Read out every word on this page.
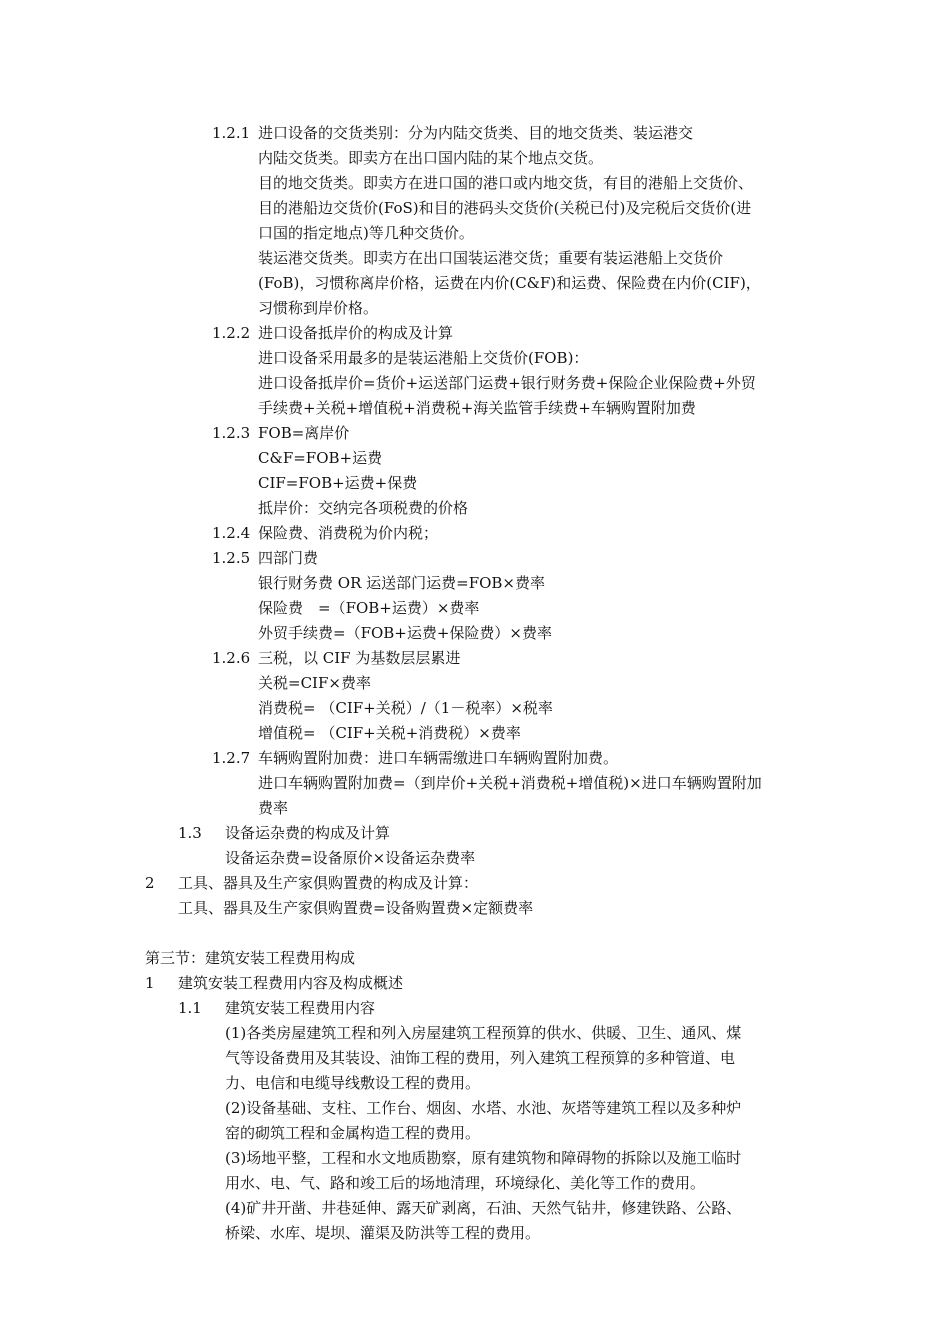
1.2.1 进口设备的交货类别：分为内陆交货类、目的地交货类、装运港交
内陆交货类。即卖方在出口国内陆的某个地点交货。
目的地交货类。即卖方在进口国的港口或内地交货，有目的港船上交货价、
目的港船边交货价(FoS)和目的港码头交货价(关税已付)及完税后交货价(进
口国的指定地点)等几种交货价。
装运港交货类。即卖方在出口国装运港交货；重要有装运港船上交货价
(FoB)，习惯称离岸价格，运费在内价(C&F)和运费、保险费在内价(CIF)，
习惯称到岸价格。
1.2.2 进口设备抵岸价的构成及计算
进口设备采用最多的是装运港船上交货价(FOB)：
进口设备抵岸价=货价+运送部门运费+银行财务费+保险企业保险费+外贸
手续费+关税+增值税+消费税+海关监管手续费+车辆购置附加费
1.2.3 FOB=离岸价
C&F=FOB+运费
CIF=FOB+运费+保费
抵岸价：交纳完各项税费的价格
1.2.4 保险费、消费税为价内税；
1.2.5 四部门费
银行财务费 OR 运送部门运费=FOB×费率
保险费　=（FOB+运费）×费率
外贸手续费=（FOB+运费+保险费）×费率
1.2.6 三税，以 CIF 为基数层层累进
关税=CIF×费率
消费税= （CIF+关税）/（1－税率）×税率
增值税= （CIF+关税+消费税）×费率
1.2.7 车辆购置附加费：进口车辆需缴进口车辆购置附加费。
进口车辆购置附加费=（到岸价+关税+消费税+增值税)×进口车辆购置附加
费率
1.3 设备运杂费的构成及计算
设备运杂费=设备原价×设备运杂费率
2 工具、器具及生产家俱购置费的构成及计算：
工具、器具及生产家俱购置费=设备购置费×定额费率
第三节：建筑安装工程费用构成
1 建筑安装工程费用内容及构成概述
1.1 建筑安装工程费用内容
(1)各类房屋建筑工程和列入房屋建筑工程预算的供水、供暖、卫生、通风、煤
气等设备费用及其装设、油饰工程的费用，列入建筑工程预算的多种管道、电
力、电信和电缆导线敷设工程的费用。
(2)设备基础、支柱、工作台、烟囱、水塔、水池、灰塔等建筑工程以及多种炉
窑的砌筑工程和金属构造工程的费用。
(3)场地平整，工程和水文地质勘察，原有建筑物和障碍物的拆除以及施工临时
用水、电、气、路和竣工后的场地清理，环境绿化、美化等工作的费用。
(4)矿井开凿、井巷延伸、露天矿剥离，石油、天然气钻井，修建铁路、公路、
桥梁、水库、堤坝、灌渠及防洪等工程的费用。
